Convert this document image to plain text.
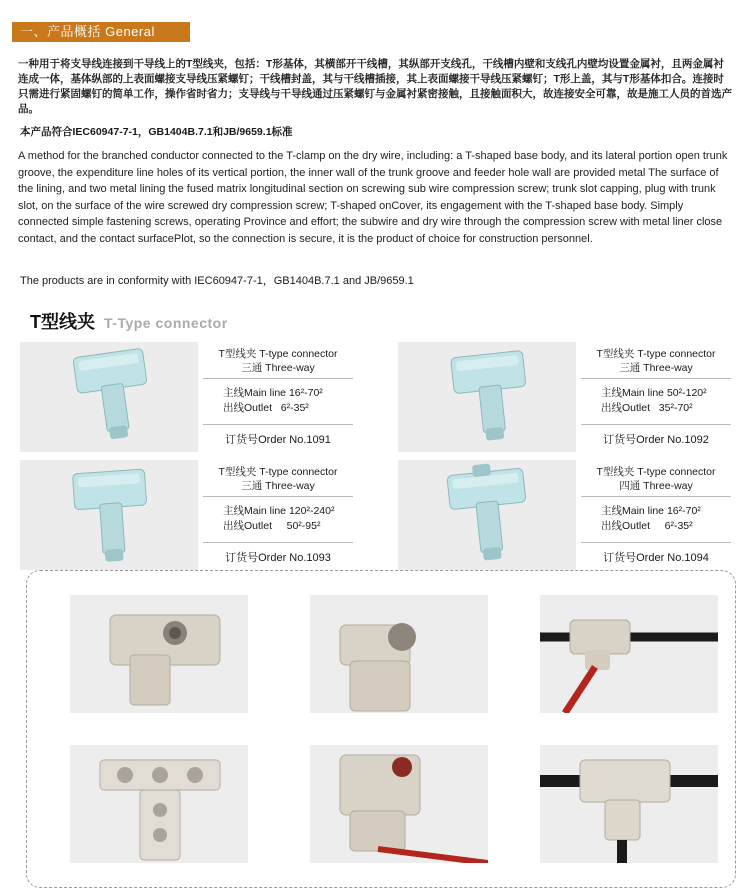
一、产品概括 General
一种用于将支导线连接到干导线上的T型线夹，包括：T形基体，其横部开干线槽，其纵部开支线孔，干线槽内壁和支线孔内壁均设置金属衬，且两金属衬连成一体，基体纵部的上表面螺接支导线压紧螺钉；干线槽封盖，其与干线槽插接，其上表面螺接干导线压紧螺钉；T形上盖，其与T形基体扣合。连接时只需进行紧固螺钉的简单工作，操作省时省力；支导线与干导线通过压紧螺钉与金属衬紧密接触，且接触面积大，故连接安全可靠，故是施工人员的首选产品。
本产品符合IEC60947-7-1，GB1404B.7.1和JB/9659.1标准
A method for the branched conductor connected to the T-clamp on the dry wire, including: a T-shaped base body, and its lateral portion open trunk groove, the expenditure line holes of its vertical portion, the inner wall of the trunk groove and feeder hole wall are provided metal The surface of the lining, and two metal lining the fused matrix longitudinal section on screwing sub wire compression screw; trunk slot capping, plug with trunk slot, on the surface of the wire screwed dry compression screw; T-shaped onCover, its engagement with the T-shaped base body. Simply connected simple fastening screws, operating Province and effort; the subwire and dry wire through the compression screw with metal liner close contact, and the contact surfacePlot, so the connection is secure, it is the product of choice for construction personnel.
The products are in conformity with IEC60947-7-1，GB1404B.7.1 and JB/9659.1
T型线夹 T-Type connector
T型线夹 T-type connector
三通 Three-way
主线Main line 16²-70²
出线Outlet 6²-35²
订货号Order No.1091
T型线夹 T-type connector
三通 Three-way
主线Main line 50²-120²
出线Outlet 35²-70²
订货号Order No.1092
T型线夹 T-type connector
三通 Three-way
主线Main line 120²-240²
出线Outlet 50²-95²
订货号Order No.1093
T型线夹 T-type connector
四通 Three-way
主线Main line 16²-70²
出线Outlet 6²-35²
订货号Order No.1094
